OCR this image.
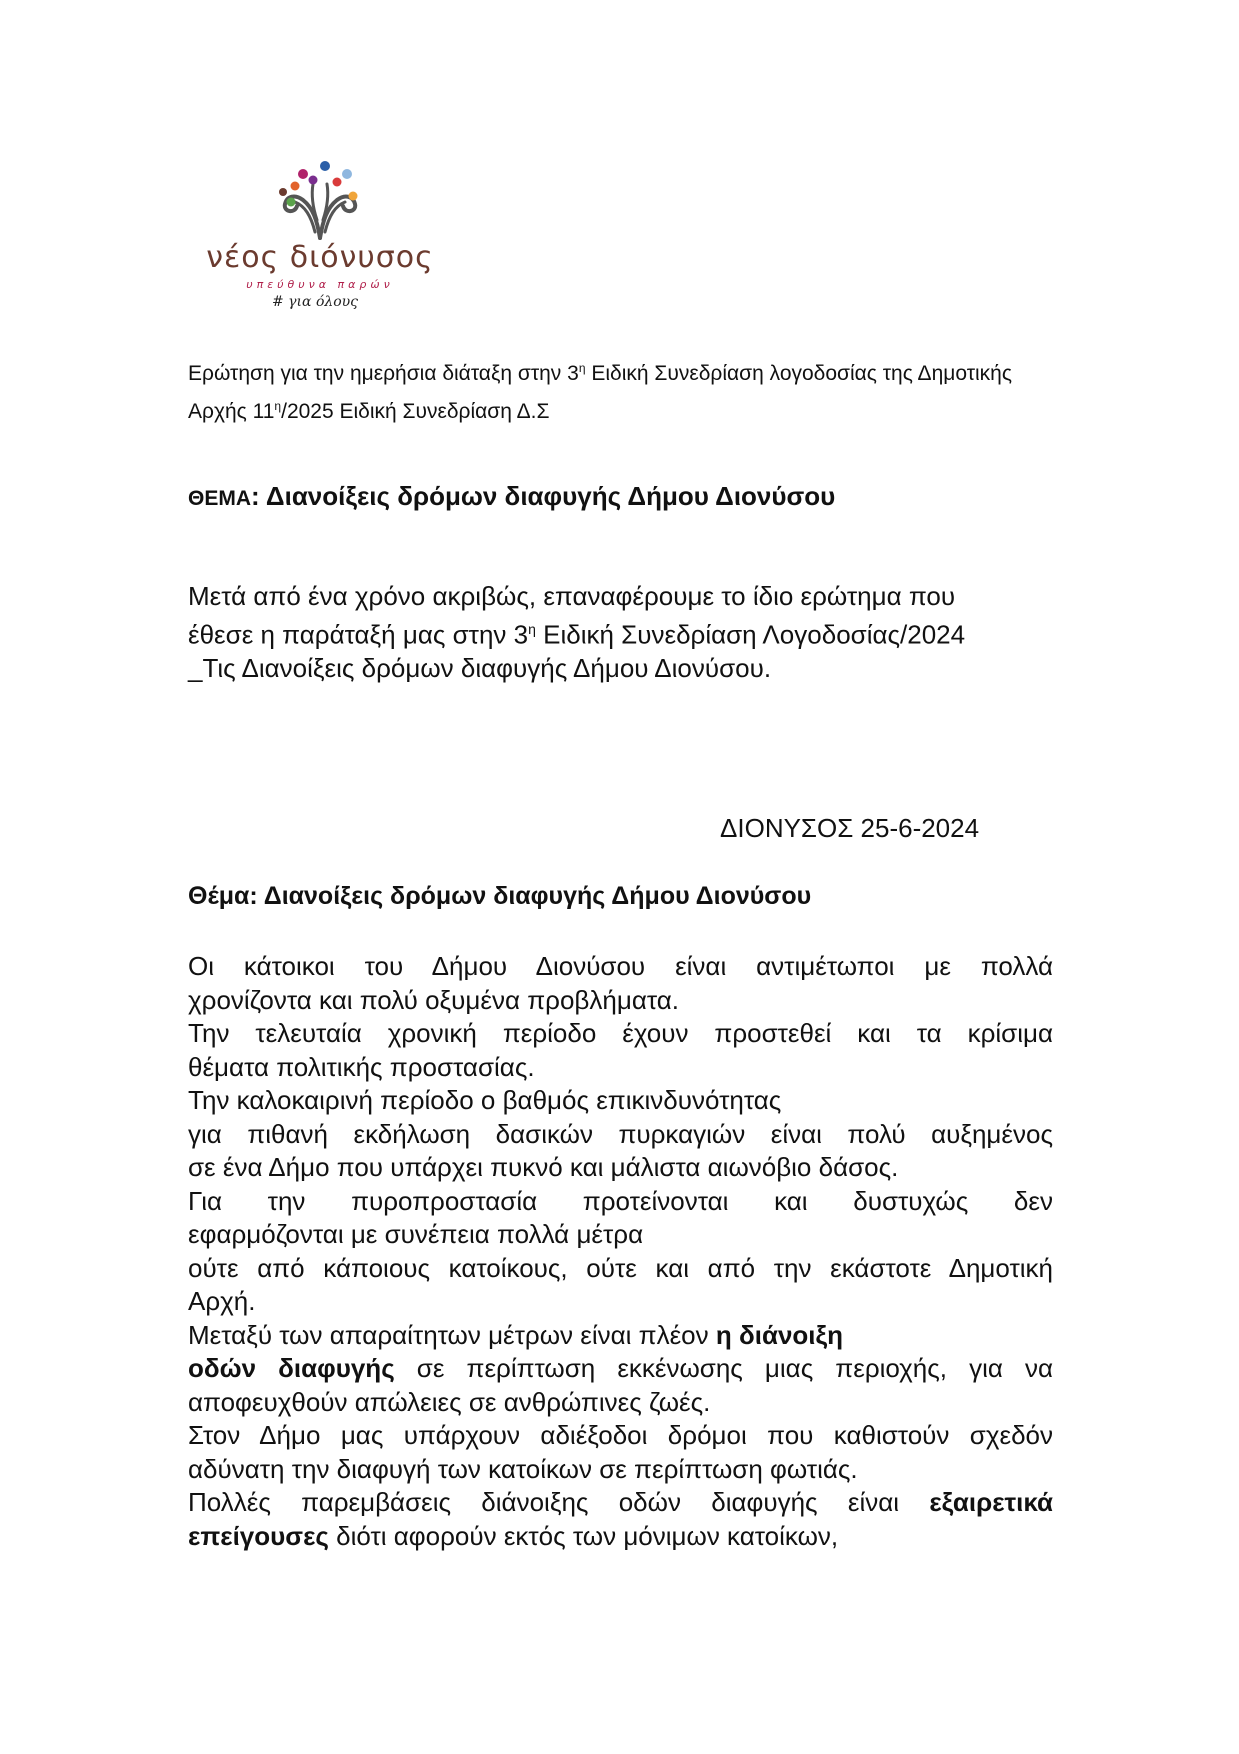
νέος διόνυσος
υπεύθυνα παρών
# για όλους
Ερώτηση για την ημερήσια διάταξη στην $3^\eta$ Ειδική Συνεδρίαση λογοδοσίας της Δημοτικής Αρχής $11^\eta/2025$ Ειδική Συνεδρίαση Δ.Σ
ΘΕΜΑ: Διανοίξεις δρόμων διαφυγής Δήμου Διονύσου
Μετά από ένα χρόνο ακριβώς, επαναφέρουμε το ίδιο ερώτημα που έθεσε η παράταξή μας στην $3^\eta$ Ειδική Συνεδρίαση Λογοδοσίας/2024 _Τις Διανοίξεις δρόμων διαφυγής Δήμου Διονύσου.
ΔΙΟΝΥΣΟΣ 25-6-2024
Θέμα: Διανοίξεις δρόμων διαφυγής Δήμου Διονύσου

Οι κάτοικοι του Δήμου Διονύσου είναι αντιμέτωποι με πολλά

χρονίζοντα και πολύ οξυμένα προβλήματα.

Την τελευταία χρονική περίοδο έχουν προστεθεί και τα κρίσιμα

θέματα πολιτικής προστασίας.

Την καλοκαιρινή περίοδο ο βαθμός επικινδυνότητας

για πιθανή εκδήλωση δασικών πυρκαγιών είναι πολύ αυξημένος

σε ένα Δήμο που υπάρχει πυκνό και μάλιστα αιωνόβιο δάσος.

Για την πυροπροστασία προτείνονται και δυστυχώς δεν

εφαρμόζονται με συνέπεια πολλά μέτρα

ούτε από κάποιους κατοίκους, ούτε και από την εκάστοτε Δημοτική

Αρχή.

Μεταξύ των απαραίτητων μέτρων είναι πλέον η διάνοιξη

οδών διαφυγής σε περίπτωση εκκένωσης μιας περιοχής, για να

αποφευχθούν απώλειες σε ανθρώπινες ζωές.

Στον Δήμο μας υπάρχουν αδιέξοδοι δρόμοι που καθιστούν σχεδόν

αδύνατη την διαφυγή των κατοίκων σε περίπτωση φωτιάς.

Πολλές παρεμβάσεις διάνοιξης οδών διαφυγής είναι εξαιρετικά

επείγουσες διότι αφορούν εκτός των μόνιμων κατοίκων,
